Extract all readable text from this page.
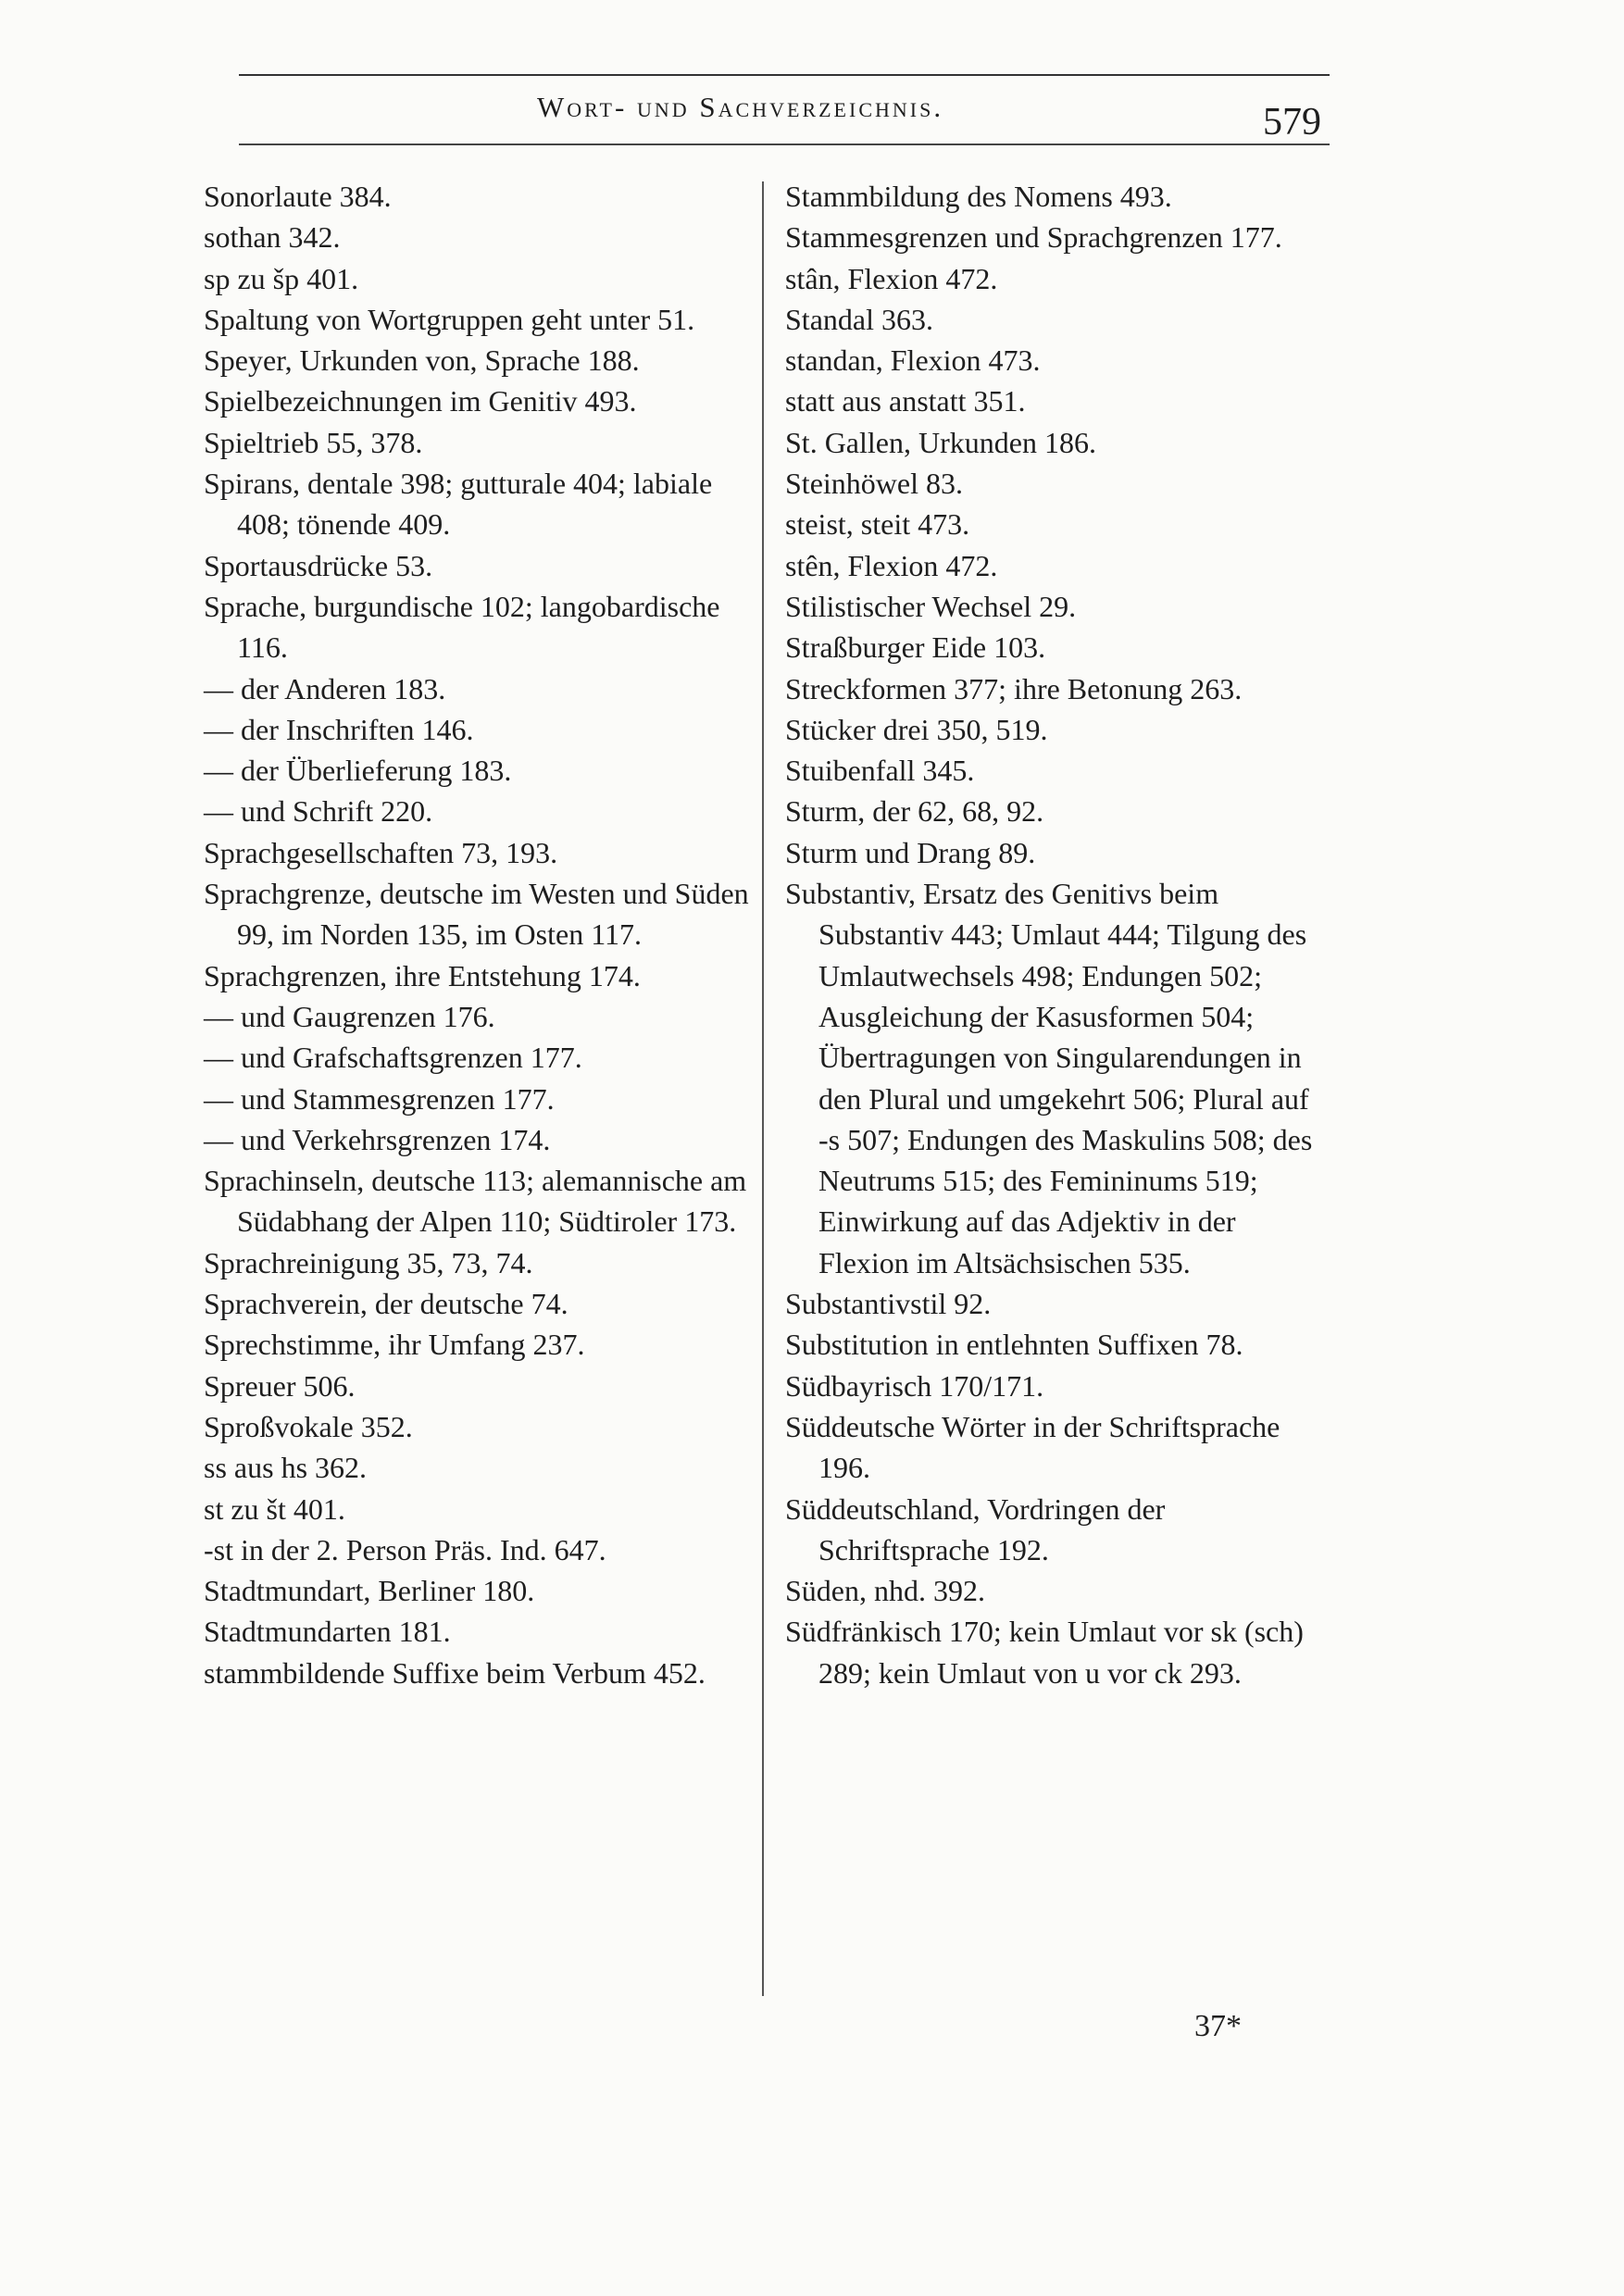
Wort- und Sachverzeichnis.	579
Sonorlaute 384.
sothan 342.
sp zu šp 401.
Spaltung von Wortgruppen geht unter 51.
Speyer, Urkunden von, Sprache 188.
Spielbezeichnungen im Genitiv 493.
Spieltrieb 55, 378.
Spirans, dentale 398; gutturale 404; labiale 408; tönende 409.
Sportausdrücke 53.
Sprache, burgundische 102; langobardische 116.
— der Anderen 183.
— der Inschriften 146.
— der Überlieferung 183.
— und Schrift 220.
Sprachgesellschaften 73, 193.
Sprachgrenze, deutsche im Westen und Süden 99, im Norden 135, im Osten 117.
Sprachgrenzen, ihre Entstehung 174.
— und Gaugrenzen 176.
— und Grafschaftsgrenzen 177.
— und Stammesgrenzen 177.
— und Verkehrsgrenzen 174.
Sprachinseln, deutsche 113; alemannische am Südabhang der Alpen 110; Südtiroler 173.
Sprachreinigung 35, 73, 74.
Sprachverein, der deutsche 74.
Sprechstimme, ihr Umfang 237.
Spreuer 506.
Sproßvokale 352.
ss aus hs 362.
st zu št 401.
-st in der 2. Person Präs. Ind. 647.
Stadtmundart, Berliner 180.
Stadtmundarten 181.
stammbildende Suffixe beim Verbum 452.
Stammbildung des Nomens 493.
Stammesgrenzen und Sprachgrenzen 177.
stân, Flexion 472.
Standal 363.
standan, Flexion 473.
statt aus anstatt 351.
St. Gallen, Urkunden 186.
Steinhöwel 83.
steist, steit 473.
stên, Flexion 472.
Stilistischer Wechsel 29.
Straßburger Eide 103.
Streckformen 377; ihre Betonung 263.
Stücker drei 350, 519.
Stuibenfall 345.
Sturm, der 62, 68, 92.
Sturm und Drang 89.
Substantiv, Ersatz des Genitivs beim Substantiv 443; Umlaut 444; Tilgung des Umlautwechsels 498; Endungen 502; Ausgleichung der Kasusformen 504; Übertragungen von Singularendungen in den Plural und umgekehrt 506; Plural auf -s 507; Endungen des Maskulins 508; des Neutrums 515; des Femininums 519; Einwirkung auf das Adjektiv in der Flexion im Altsächsischen 535.
Substantivstil 92.
Substitution in entlehnten Suffixen 78.
Südbayrisch 170/171.
Süddeutsche Wörter in der Schriftsprache 196.
Süddeutschland, Vordringen der Schriftsprache 192.
Süden, nhd. 392.
Südfränkisch 170; kein Umlaut vor sk (sch) 289; kein Umlaut von u vor ck 293.
37*
